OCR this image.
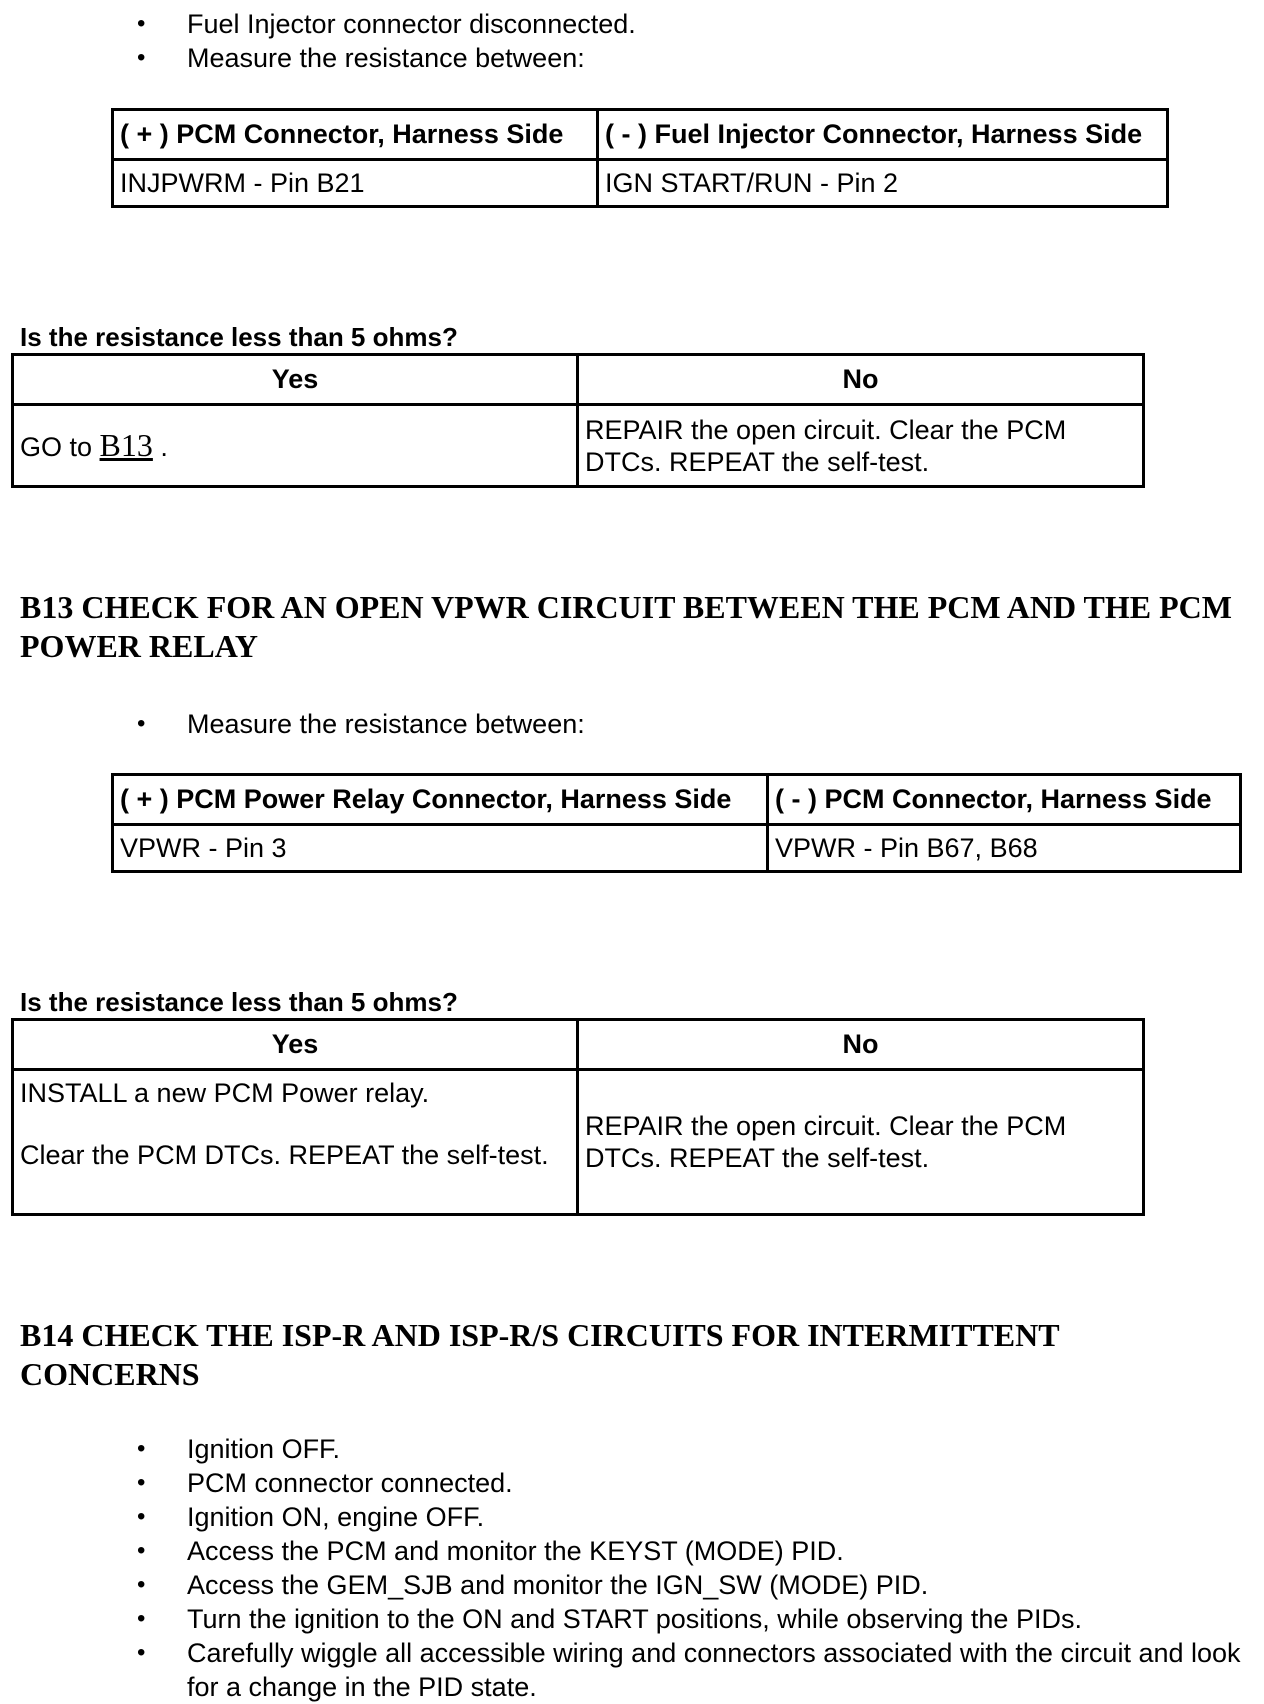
• Fuel Injector connector disconnected.
• Measure the resistance between:
( + ) PCM Connector, Harness Side	( - ) Fuel Injector Connector, Harness Side
INJPWRM - Pin B21	IGN START/RUN - Pin 2
Is the resistance less than 5 ohms?
Yes	No
GO to B13 .	REPAIR the open circuit. Clear the PCM DTCs. REPEAT the self-test.
B13 CHECK FOR AN OPEN VPWR CIRCUIT BETWEEN THE PCM AND THE PCM POWER RELAY
• Measure the resistance between:
( + ) PCM Power Relay Connector, Harness Side	( - ) PCM Connector, Harness Side
VPWR - Pin 3	VPWR - Pin B67, B68
Is the resistance less than 5 ohms?
Yes	No

INSTALL a new PCM Power relay.
Clear the PCM DTCs. REPEAT the self-test.	REPAIR the open circuit. Clear the PCM DTCs. REPEAT the self-test.
B14 CHECK THE ISP-R AND ISP-R/S CIRCUITS FOR INTERMITTENT CONCERNS
• Ignition OFF.
• PCM connector connected.
• Ignition ON, engine OFF.
• Access the PCM and monitor the KEYST (MODE) PID.
• Access the GEM_SJB and monitor the IGN_SW (MODE) PID.
• Turn the ignition to the ON and START positions, while observing the PIDs.
• Carefully wiggle all accessible wiring and connectors associated with the circuit and look for a change in the PID state.
